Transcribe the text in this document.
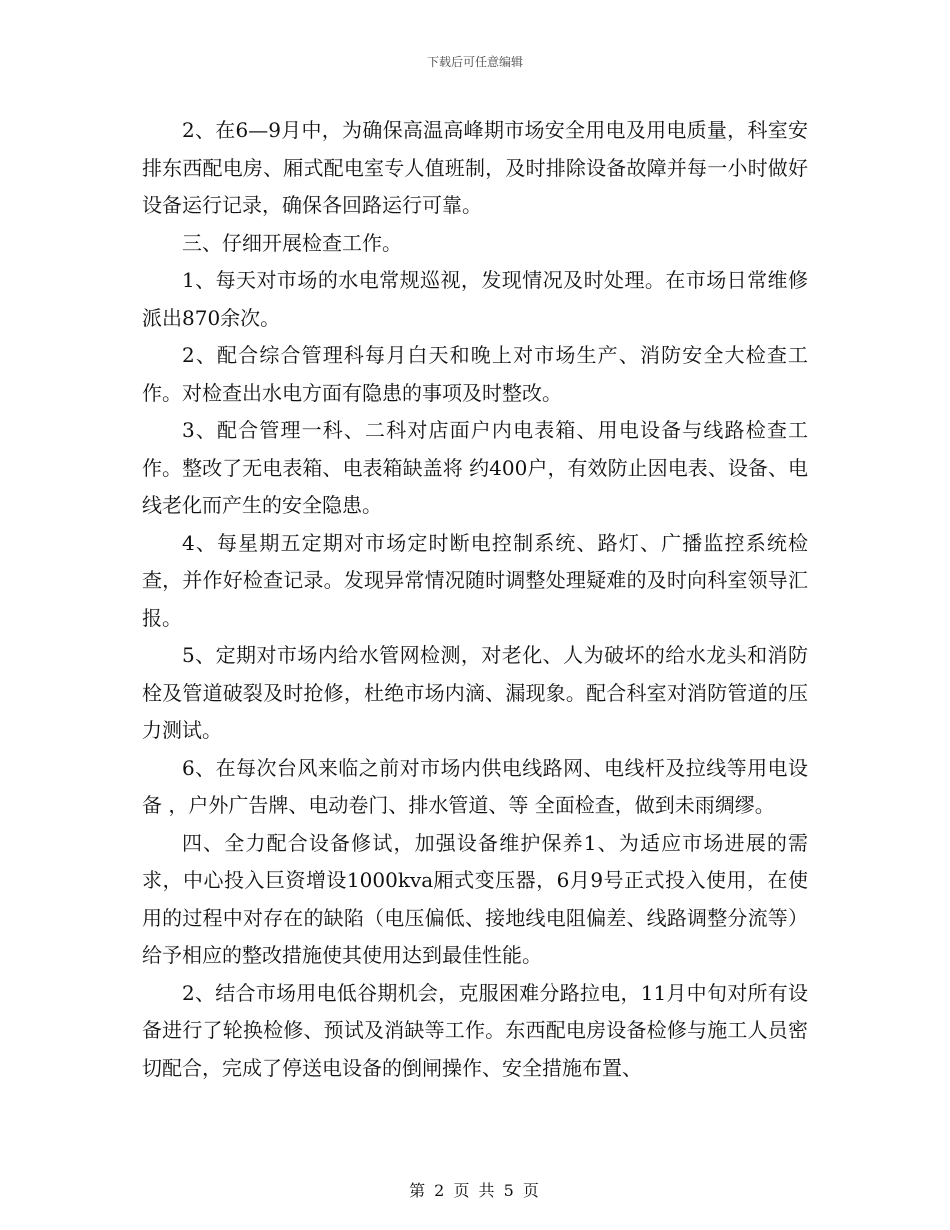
下载后可任意编辑

2、在6—9月中，为确保高温高峰期市场安全用电及用电质量，科室安排东西配电房、厢式配电室专人值班制，及时排除设备故障并每一小时做好设备运行记录，确保各回路运行可靠。

三、仔细开展检查工作。

1、每天对市场的水电常规巡视，发现情况及时处理。在市场日常维修派出870余次。

2、配合综合管理科每月白天和晚上对市场生产、消防安全大检查工作。对检查出水电方面有隐患的事项及时整改。

3、配合管理一科、二科对店面户内电表箱、用电设备与线路检查工作。整改了无电表箱、电表箱缺盖将 约400户，有效防止因电表、设备、电线老化而产生的安全隐患。

4、每星期五定期对市场定时断电控制系统、路灯、广播监控系统检查，并作好检查记录。发现异常情况随时调整处理疑难的及时向科室领导汇报。

5、定期对市场内给水管网检测，对老化、人为破坏的给水龙头和消防栓及管道破裂及时抢修，杜绝市场内滴、漏现象。配合科室对消防管道的压力测试。

6、在每次台风来临之前对市场内供电线路网、电线杆及拉线等用电设备 ，户外广告牌、电动卷门、排水管道、等 全面检查，做到未雨绸缪。

四、全力配合设备修试，加强设备维护保养1、为适应市场进展的需求，中心投入巨资增设1000kva厢式变压器，6月9号正式投入使用，在使用的过程中对存在的缺陷（电压偏低、接地线电阻偏差、线路调整分流等）给予相应的整改措施使其使用达到最佳性能。

2、结合市场用电低谷期机会，克服困难分路拉电，11月中旬对所有设备进行了轮换检修、预试及消缺等工作。东西配电房设备检修与施工人员密切配合，完成了停送电设备的倒闸操作、安全措施布置、

第 2 页 共 5 页
